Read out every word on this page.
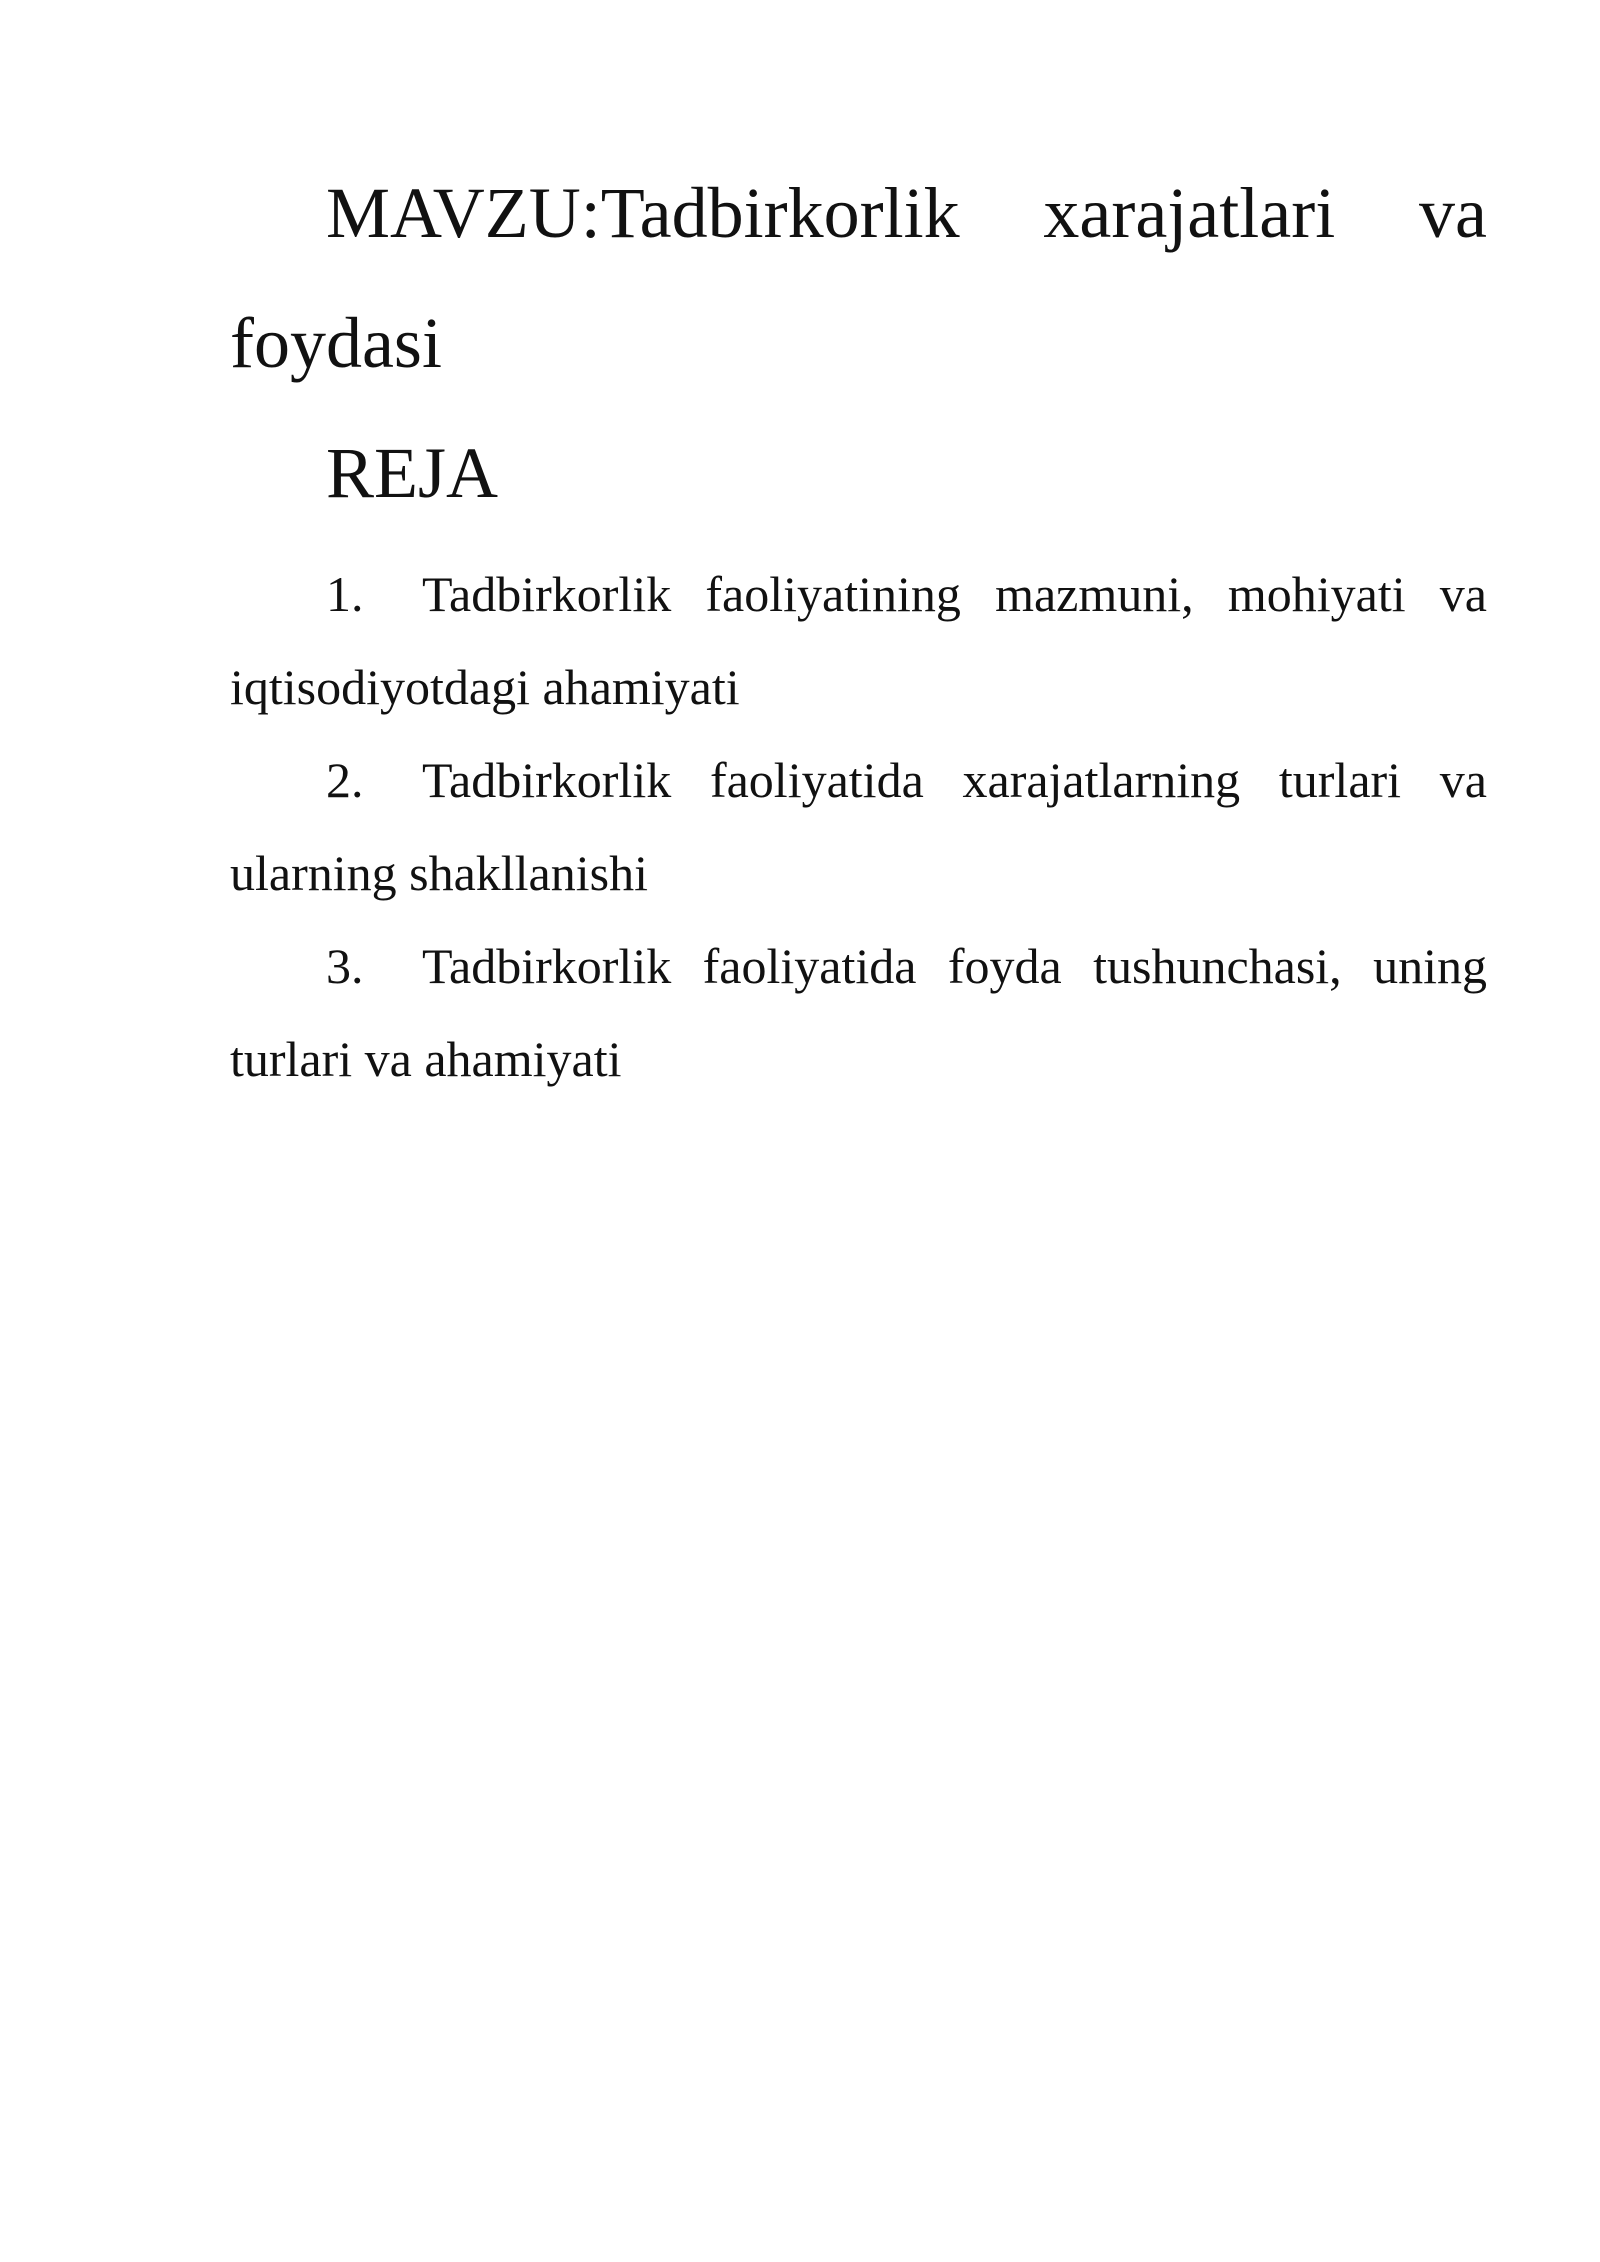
MAVZU:Tadbirkorlik xarajatlari va foydasi
REJA
1. Tadbirkorlik faoliyatining mazmuni, mohiyati va iqtisodiyotdagi ahamiyati
2. Tadbirkorlik faoliyatida xarajatlarning turlari va ularning shakllanishi
3. Tadbirkorlik faoliyatida foyda tushunchasi, uning turlari va ahamiyati
